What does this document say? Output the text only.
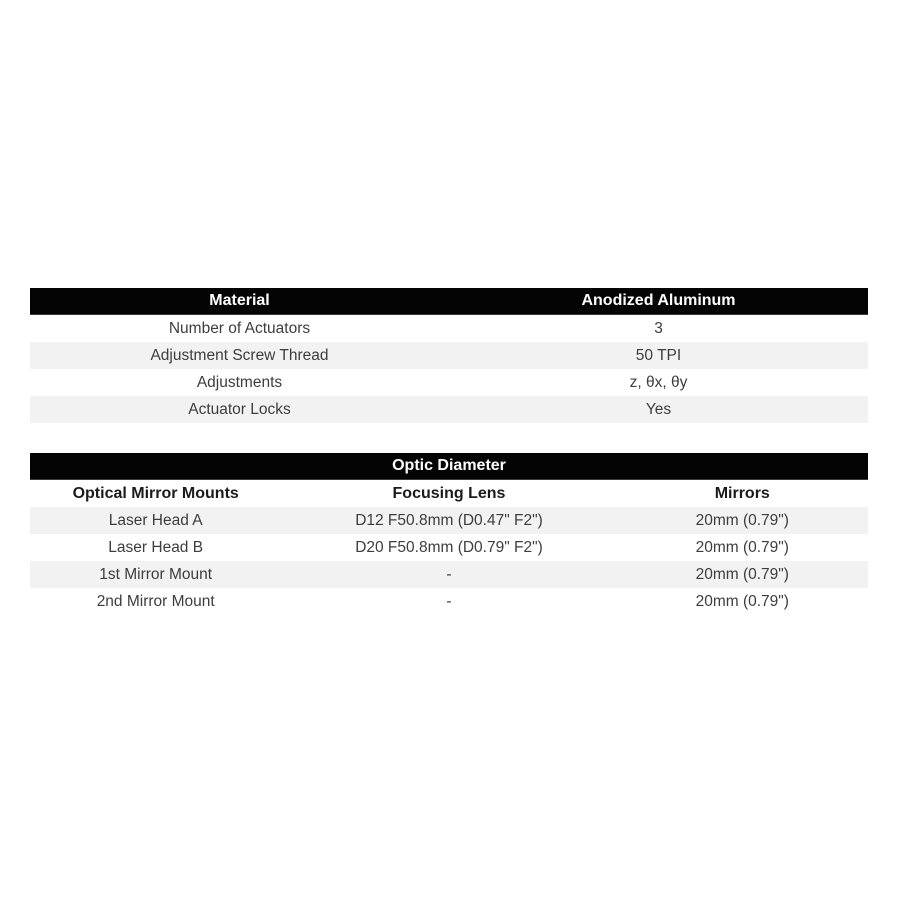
Material	Anodized Aluminum
Number of Actuators	3
Adjustment Screw Thread	50 TPI
Adjustments	z, θx, θy
Actuator Locks	Yes
Optic Diameter
Optical Mirror Mounts	Focusing Lens	Mirrors
Laser Head A	D12 F50.8mm (D0.47" F2")	20mm (0.79")
Laser Head B	D20 F50.8mm (D0.79" F2")	20mm (0.79")
1st Mirror Mount	-	20mm (0.79")
2nd Mirror Mount	-	20mm (0.79")
